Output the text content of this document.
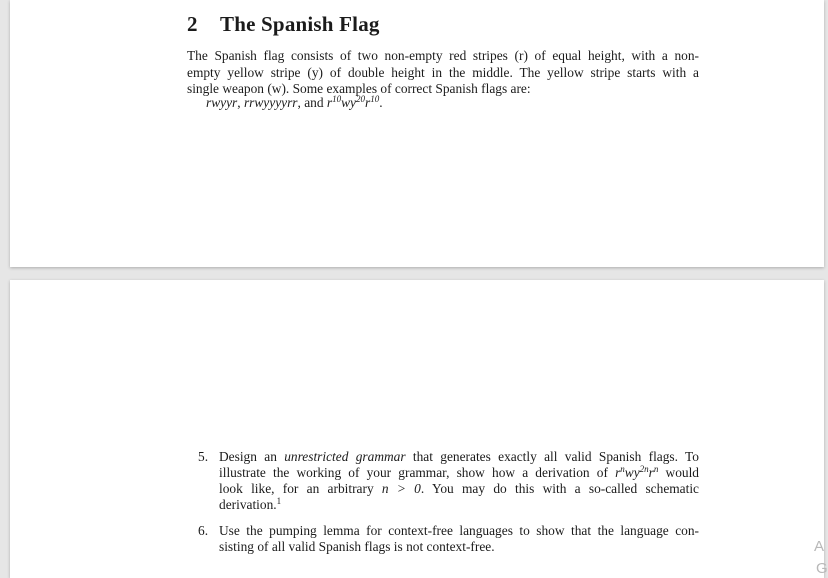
2 The Spanish Flag
The Spanish flag consists of two non-empty red stripes (r) of equal height, with a non-
empty yellow stripe (y) of double height in the middle. The yellow stripe starts with a
single weapon (w). Some examples of correct Spanish flags are:
rwyyr, rrwyyyyrr, and $r^{10}wy^{20}r^{10}$.
5. Design an unrestricted grammar that generates exactly all valid Spanish flags. To
illustrate the working of your grammar, show how a derivation of $r^nwy^{2n}r^n$ would
look like, for an arbitrary n > 0. You may do this with a so-called schematic
derivation.$^1$
6. Use the pumping lemma for context-free languages to show that the language con-
sisting of all valid Spanish flags is not context-free.	A
G
